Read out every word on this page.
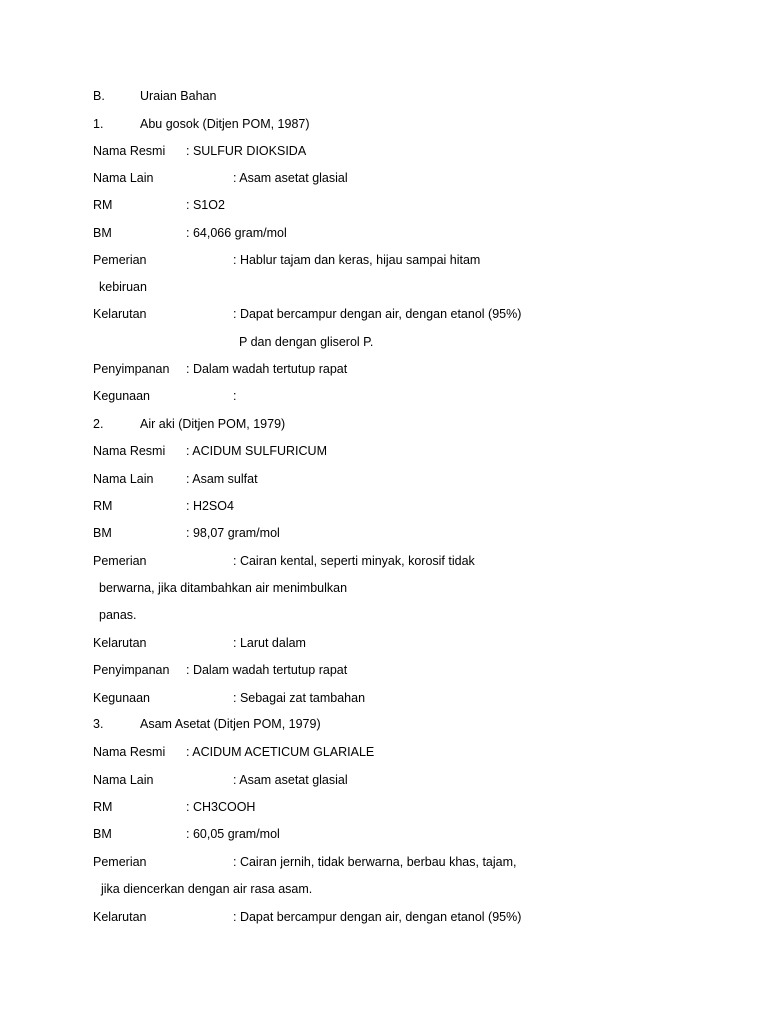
B.	Uraian Bahan
1.	Abu gosok (Ditjen POM, 1987)
Nama Resmi : SULFUR DIOKSIDA
Nama Lain	: Asam asetat glasial
RM	: S1O2
BM	: 64,066 gram/mol
Pemerian	: Hablur tajam dan keras, hijau sampai hitam
kebiruan
Kelarutan	: Dapat bercampur dengan air, dengan etanol (95%)
P dan dengan gliserol P.
Penyimpanan : Dalam wadah tertutup rapat
Kegunaan	:
2.	Air aki (Ditjen POM, 1979)
Nama Resmi : ACIDUM SULFURICUM
Nama Lain	: Asam sulfat
RM	: H2SO4
BM	: 98,07 gram/mol
Pemerian	: Cairan kental, seperti minyak, korosif tidak
berwarna, jika ditambahkan air menimbulkan
panas.
Kelarutan	: Larut dalam
Penyimpanan : Dalam wadah tertutup rapat
Kegunaan	: Sebagai zat tambahan
3.	Asam Asetat (Ditjen POM, 1979)
Nama Resmi : ACIDUM ACETICUM GLARIALE
Nama Lain	: Asam asetat glasial
RM	: CH3COOH
BM	: 60,05 gram/mol
Pemerian	: Cairan jernih, tidak berwarna, berbau khas, tajam,
jika diencerkan dengan air rasa asam.
Kelarutan	: Dapat bercampur dengan air, dengan etanol (95%)
